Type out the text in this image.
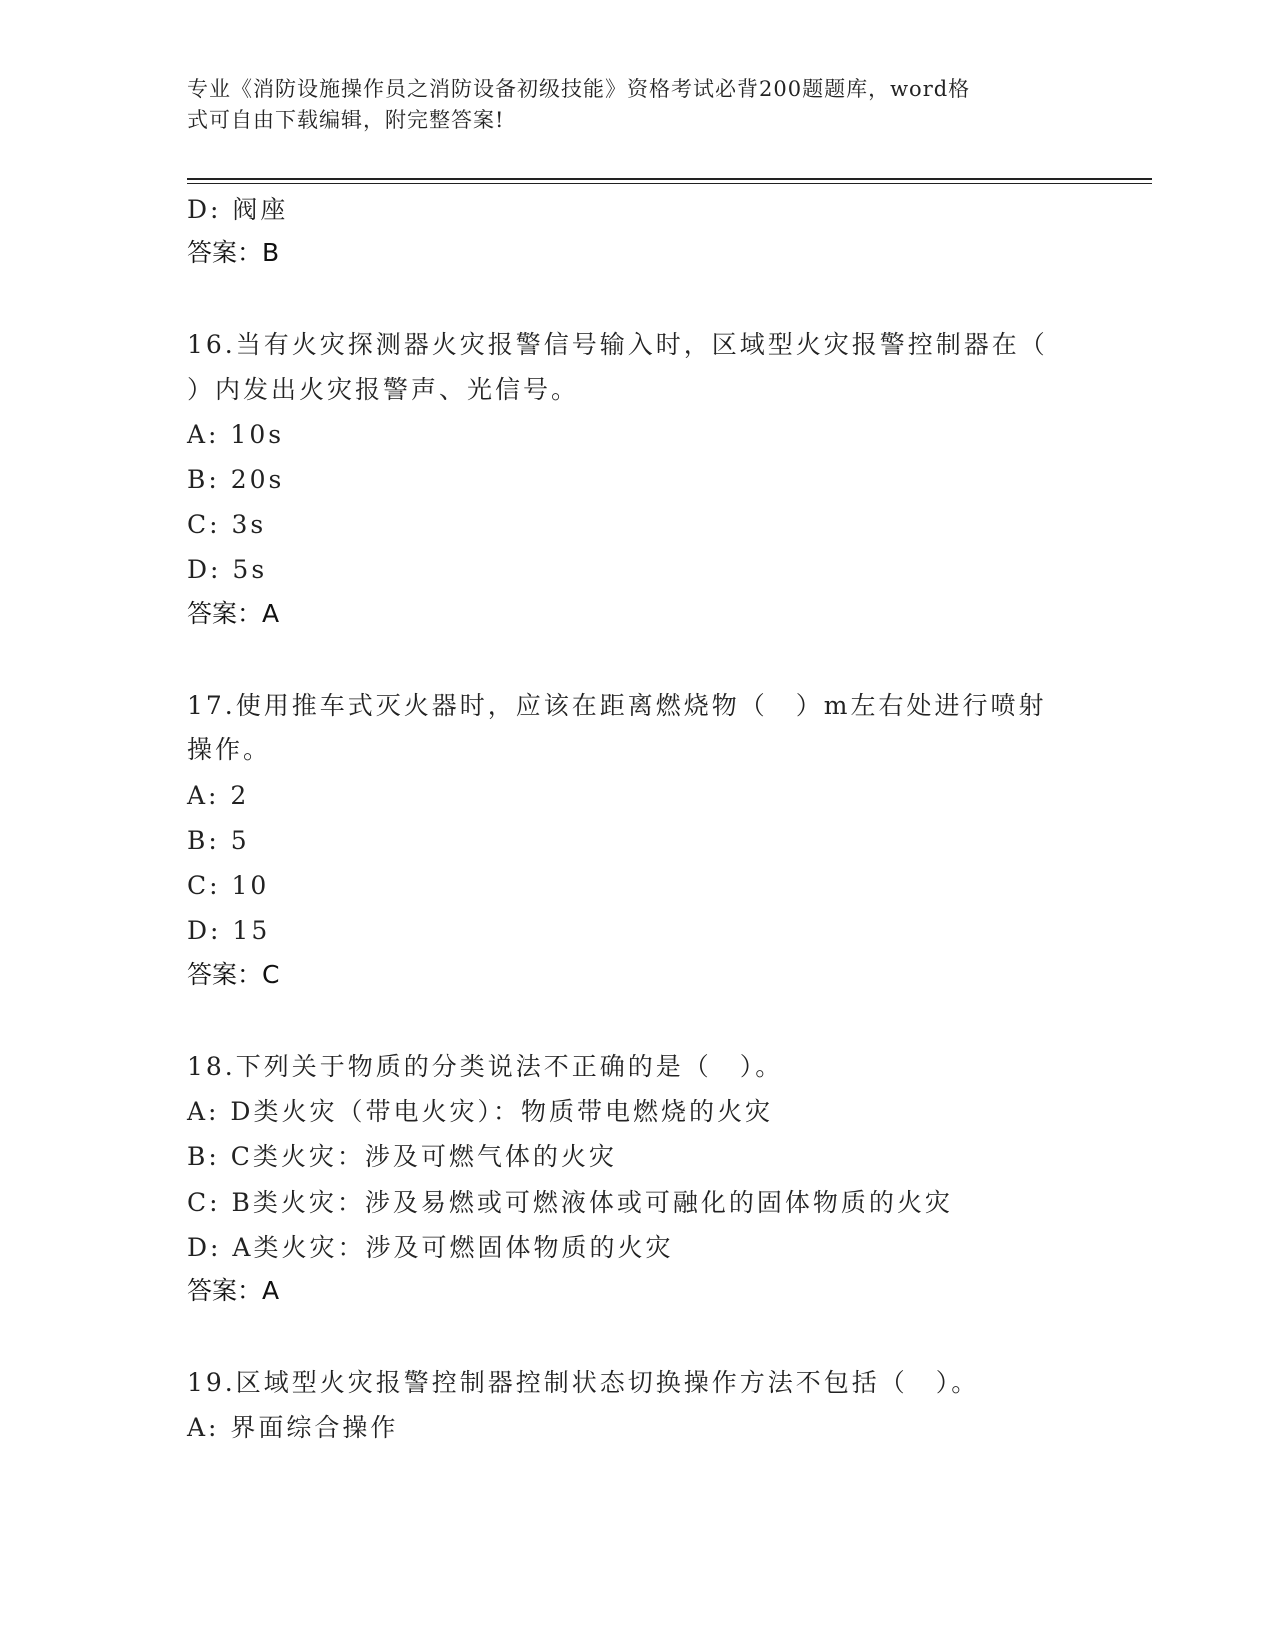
专业《消防设施操作员之消防设备初级技能》资格考试必背200题题库，word格
式可自由下载编辑，附完整答案!
D: 阀座
答案：B
16.当有火灾探测器火灾报警信号输入时，区域型火灾报警控制器在（
）内发出火灾报警声、光信号。
A: 10s
B: 20s
C: 3s
D: 5s
答案：A
17.使用推车式灭火器时，应该在距离燃烧物（　）m左右处进行喷射
操作。
A: 2
B: 5
C: 10
D: 15
答案：C
18.下列关于物质的分类说法不正确的是（　）。
A: D类火灾（带电火灾）：物质带电燃烧的火灾
B: C类火灾：涉及可燃气体的火灾
C: B类火灾：涉及易燃或可燃液体或可融化的固体物质的火灾
D: A类火灾：涉及可燃固体物质的火灾
答案：A
19.区域型火灾报警控制器控制状态切换操作方法不包括（　）。
A: 界面综合操作
